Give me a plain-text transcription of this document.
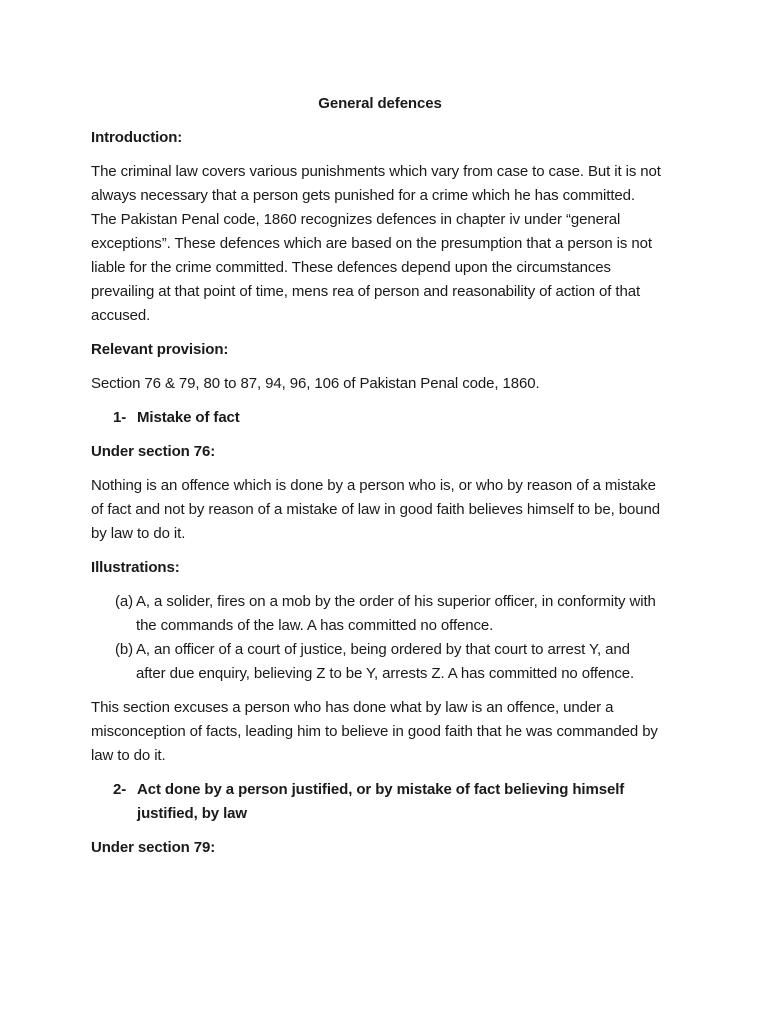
General defences
Introduction:

The criminal law covers various punishments which vary from case to case. But it is not always necessary that a person gets punished for a crime which he has committed. The Pakistan Penal code, 1860 recognizes defences in chapter iv under “general exceptions”. These defences which are based on the presumption that a person is not liable for the crime committed. These defences depend upon the circumstances prevailing at that point of time, mens rea of person and reasonability of action of that accused.

Relevant provision:

Section 76 & 79, 80 to 87, 94, 96, 106 of Pakistan Penal code, 1860.

1- Mistake of fact
Under section 76:

Nothing is an offence which is done by a person who is, or who by reason of a mistake of fact and not by reason of a mistake of law in good faith believes himself to be, bound by law to do it.

Illustrations:
(a) A, a solider, fires on a mob by the order of his superior officer, in conformity with the commands of the law. A has committed no offence.
(b) A, an officer of a court of justice, being ordered by that court to arrest Y, and after due enquiry, believing Z to be Y, arrests Z. A has committed no offence.

This section excuses a person who has done what by law is an offence, under a misconception of facts, leading him to believe in good faith that he was commanded by law to do it.

2- Act done by a person justified, or by mistake of fact believing himself justified, by law
Under section 79:
